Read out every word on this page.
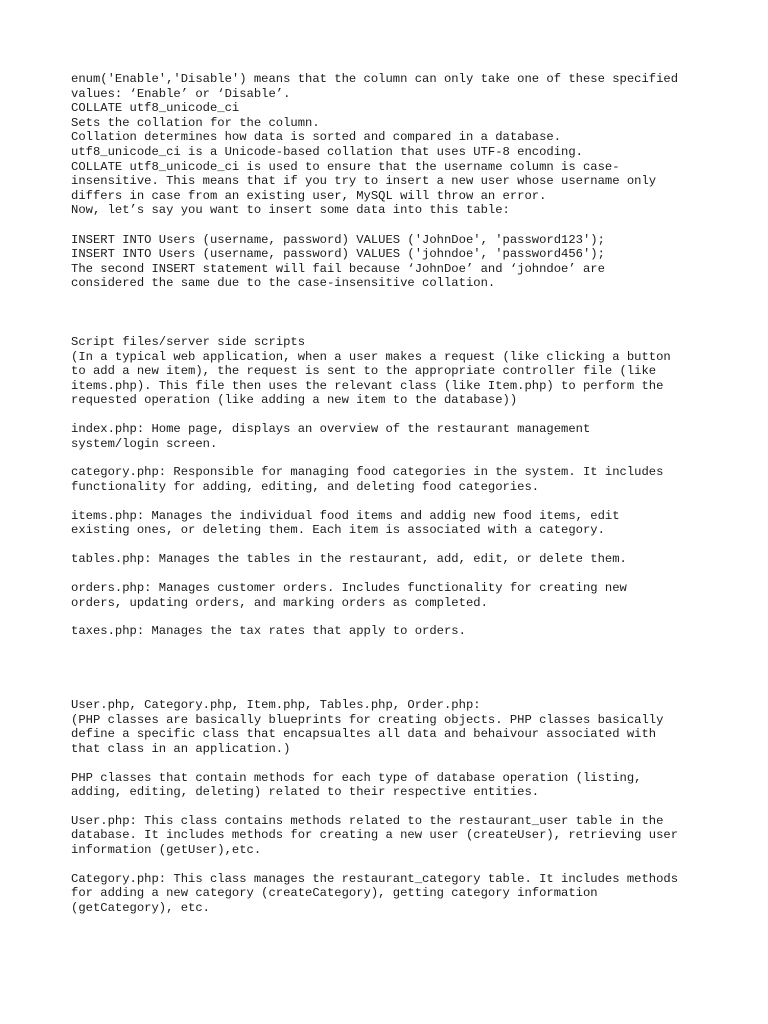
enum('Enable','Disable') means that the column can only take one of these specified
values: ‘Enable’ or ‘Disable’.
COLLATE utf8_unicode_ci
Sets the collation for the column.
Collation determines how data is sorted and compared in a database.
utf8_unicode_ci is a Unicode-based collation that uses UTF-8 encoding.
COLLATE utf8_unicode_ci is used to ensure that the username column is case-
insensitive. This means that if you try to insert a new user whose username only
differs in case from an existing user, MySQL will throw an error.
Now, let’s say you want to insert some data into this table:
INSERT INTO Users (username, password) VALUES ('JohnDoe', 'password123');
INSERT INTO Users (username, password) VALUES ('johndoe', 'password456');
The second INSERT statement will fail because ‘JohnDoe’ and ‘johndoe’ are
considered the same due to the case-insensitive collation.
Script files/server side scripts
(In a typical web application, when a user makes a request (like clicking a button
to add a new item), the request is sent to the appropriate controller file (like
items.php). This file then uses the relevant class (like Item.php) to perform the
requested operation (like adding a new item to the database))
index.php: Home page, displays an overview of the restaurant management
system/login screen.
category.php: Responsible for managing food categories in the system. It includes
functionality for adding, editing, and deleting food categories.
items.php: Manages the individual food items and addig new food items, edit
existing ones, or deleting them. Each item is associated with a category.
tables.php: Manages the tables in the restaurant, add, edit, or delete them.
orders.php: Manages customer orders. Includes functionality for creating new
orders, updating orders, and marking orders as completed.
taxes.php: Manages the tax rates that apply to orders.
User.php, Category.php, Item.php, Tables.php, Order.php:
(PHP classes are basically blueprints for creating objects. PHP classes basically
define a specific class that encapsualtes all data and behaivour associated with
that class in an application.)
PHP classes that contain methods for each type of database operation (listing,
adding, editing, deleting) related to their respective entities.
User.php: This class contains methods related to the restaurant_user table in the
database. It includes methods for creating a new user (createUser), retrieving user
information (getUser),etc.
Category.php: This class manages the restaurant_category table. It includes methods
for adding a new category (createCategory), getting category information
(getCategory), etc.
